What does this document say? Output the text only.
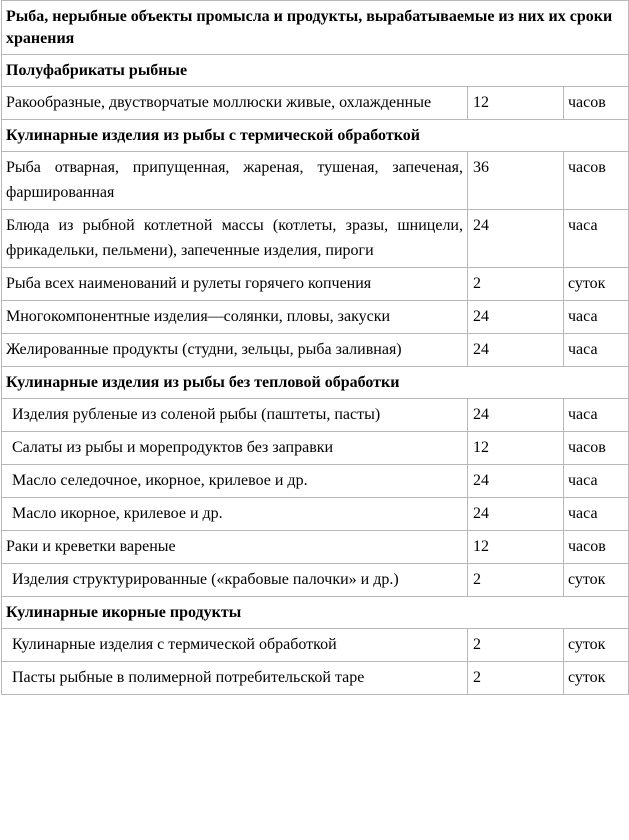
Рыба, нерыбные объекты промысла и продукты, вырабатываемые из них их сроки хранения		
Полуфабрикаты рыбные		
Ракообразные, двустворчатые моллюски живые, охлажденные	12	часов
Кулинарные изделия из рыбы с термической обработкой		
Рыба отварная, припущенная, жареная, тушеная, запеченая, фаршированная	36	часов
Блюда из рыбной котлетной массы (котлеты, зразы, шницели, фрикадельки, пельмени), запеченные изделия, пироги	24	часа
Рыба всех наименований и рулеты горячего копчения	2	суток
Многокомпонентные изделия—солянки, пловы, закуски	24	часа
Желированные продукты (студни, зельцы, рыба заливная)	24	часа
Кулинарные изделия из рыбы без тепловой обработки		
Изделия рубленые из соленой рыбы (паштеты, пасты)	24	часа
Салаты из рыбы и морепродуктов без заправки	12	часов
Масло селедочное, икорное, крилевое и др.	24	часа
Масло икорное, крилевое и др.	24	часа
Раки и креветки вареные	12	часов
Изделия структурированные («крабовые палочки» и др.)	2	суток
Кулинарные икорные продукты		
Кулинарные изделия с термической обработкой	2	суток
Пасты рыбные в полимерной потребительской таре	2	суток
